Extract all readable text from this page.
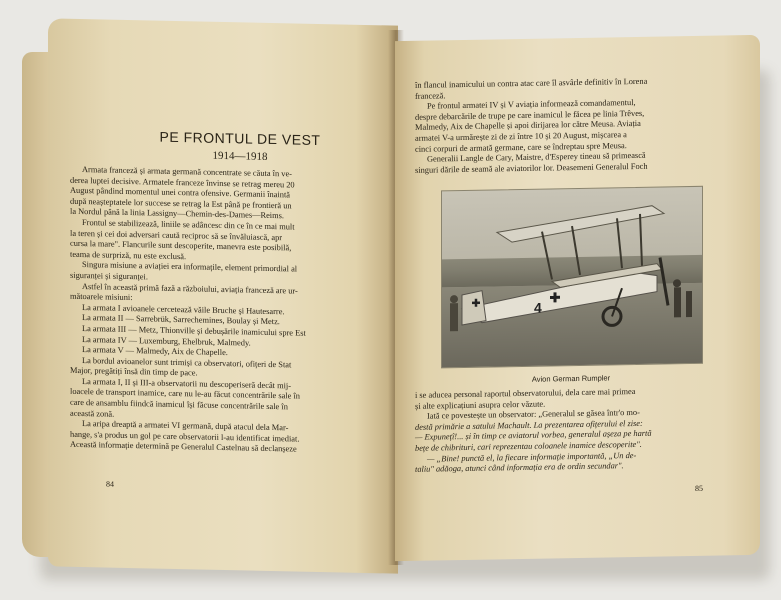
PE FRONTUL DE VEST
1914—1918
Armata franceză și armata germană concentrate se căuta în ve-
derea luptei decisive. Armatele franceze învinse se retrag mereu 20
August pândind momentul unei contra ofensive. Germanii înaintă
după neașteptatele lor succese se retrag la Est până pe frontieră un
la Nordul până la linia Lassigny—Chemin-des-Dames—Reims.
Frontul se stabilizează, liniile se adâncesc din ce în ce mai mult
la teren și cei doi adversari caută reciproc să se învăluiască, apr
cursa la mare". Flancurile sunt descoperite, manevra este posibilă,
teama de surpriză, nu este exclusă.
Singura misiune a aviației era informațile, element primordial al
siguranței și siguranței.
Astfel în această primă fază a războiului, aviația franceză are ur-
mătoarele misiuni:
La armata I avioanele cercetează văile Bruche și Hautesarre.
La armata II — Sarrebrük, Sarrechemines, Boulay și Metz.
La armata III — Metz, Thionville și debușările inamicului spre Est
La armata IV — Luxemburg, Ehelbruk, Malmedy.
La armata V — Malmedy, Aix de Chapelle.
La bordul avioanelor sunt trimiși ca observatori, ofițeri de Stat
Major, pregătiți însă din timp de pace.
La armata I, II și III-a observatorii nu descoperiseră decât mij-
loacele de transport inamice, care nu le-au făcut concentrările sale în
care de ansamblu fiindcă inamicul își făcuse concentrările sale în
această zonă.
La aripa dreaptă a armatei VI germană, după atacul dela Mar-
hange, s'a produs un gol pe care observatorii l-au identificat imediat.
Această informație determină pe Generalul Castelnau să declanșeze
84
în flancul inamicului un contra atac care îl asvârle definitiv în Lorena
franceză.
Pe frontul armatei IV și V aviația informează comandamentul,
despre debarcările de trupe pe care inamicul le făcea pe linia Trêves,
Malmedy, Aix de Chapelle și apoi dirijarea lor către Meusa. Aviația
armatei V-a urmărește zi de zi între 10 și 20 August, mișcarea a
cinci corpuri de armată germane, care se îndreptau spre Meusa.
Generalii Langle de Cary, Maistre, d'Esperey tineau să primească
singuri dările de seamă ale aviatorilor lor. Deasemeni Generalul Foch
4
Avion German Rumpler
i se aducea personal raportul observatorului, dela care mai primea
și alte explicațiuni asupra celor văzute.
Iată ce povestește un observator: „Generalul se găsea într'o mo-
destă primărie a satului Machault. La prezentarea ofițerului el zise:
— Expunețî!... și în timp ce aviatorul vorbea, generalul așeza pe hartă
bețe de chibrituri, cari reprezentau coloanele inamice descoperite".
— „Bine! punctă el, la fiecare informație importantă, „Un de-
taliu" adăoga, atunci când informația era de ordin secundar".
85
